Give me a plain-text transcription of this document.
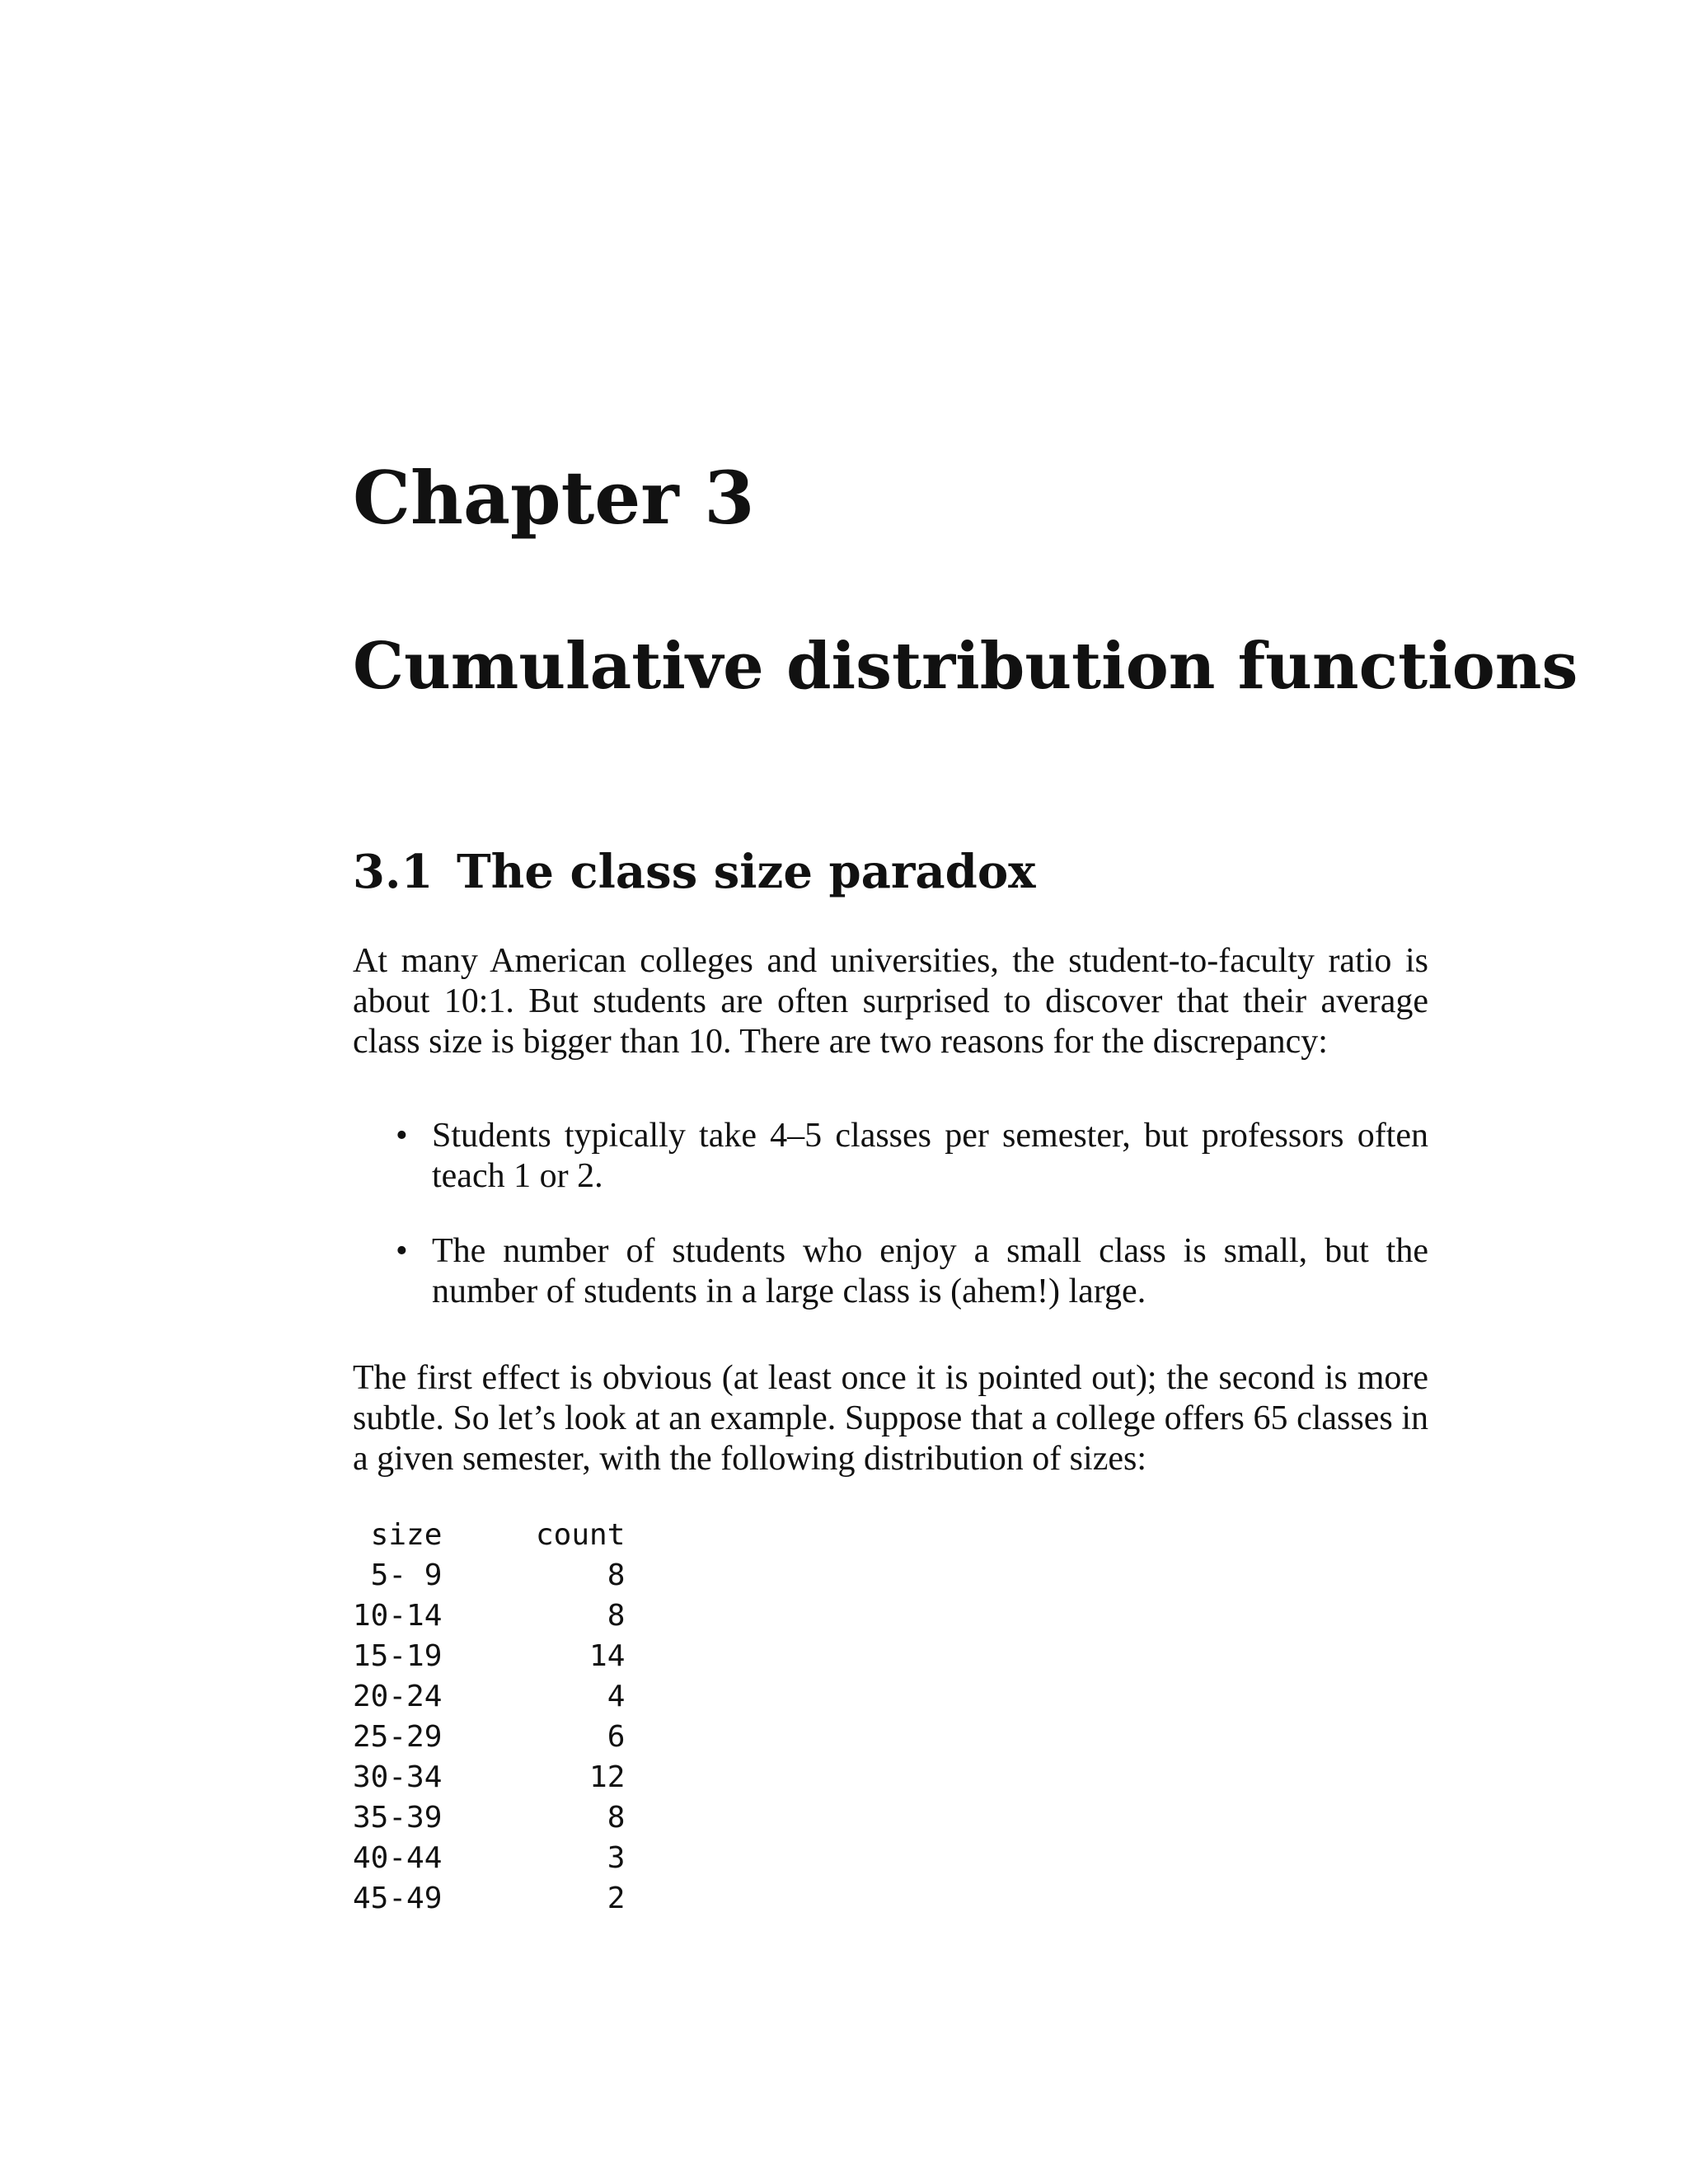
Chapter 3
Cumulative distribution functions
3.1 The class size paradox

At many American colleges and universities, the student-to-faculty ratio is about 10:1. But students are often surprised to discover that their average class size is bigger than 10. There are two reasons for the discrepancy:

• Students typically take 4–5 classes per semester, but professors often teach 1 or 2.
• The number of students who enjoy a small class is small, but the number of students in a large class is (ahem!) large.

The first effect is obvious (at least once it is pointed out); the second is more subtle. So let’s look at an example. Suppose that a college offers 65 classes in a given semester, with the following distribution of sizes:

size	count
5- 9	8
10-14	8
15-19	14
20-24	4
25-29	6
30-34	12
35-39	8
40-44	3
45-49	2
